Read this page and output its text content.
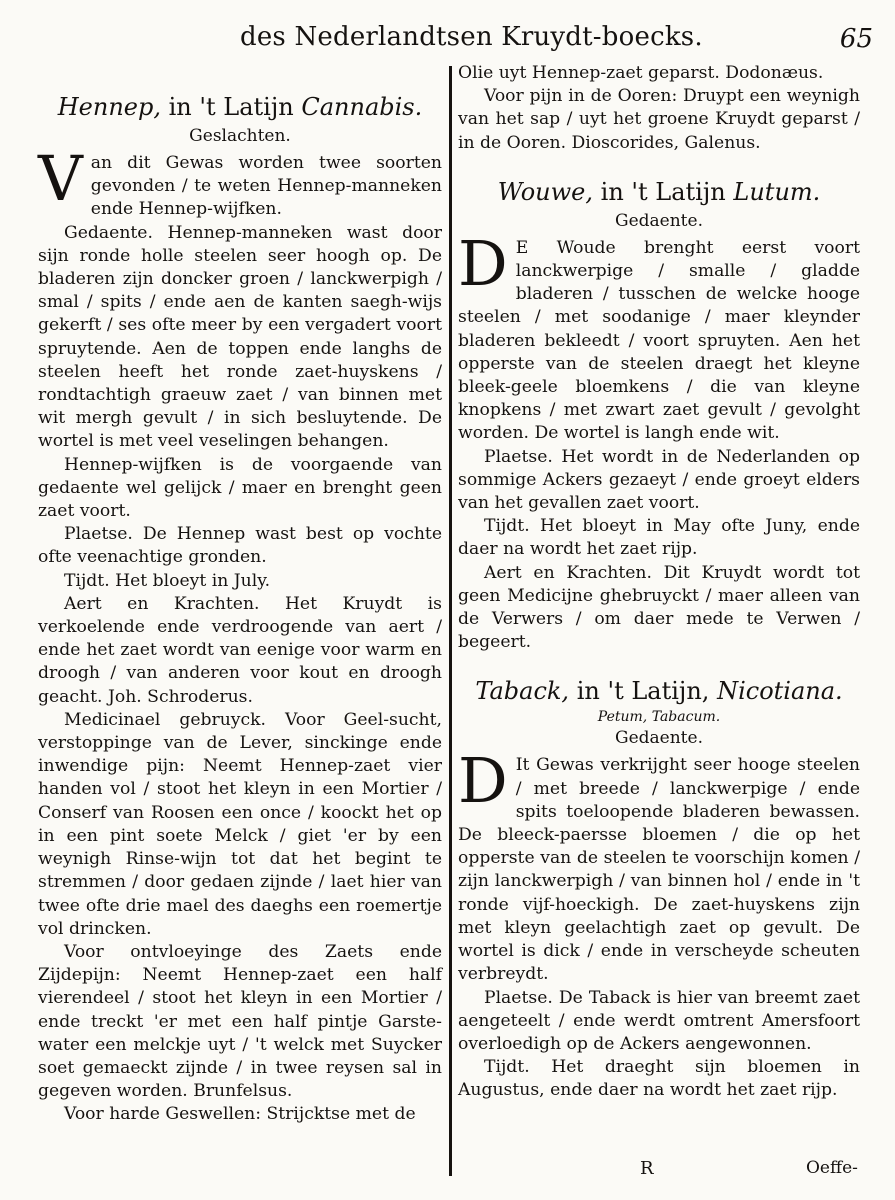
des Nederlandtsen Kruydt-boecks.	65
Hennep, in 't Latijn Cannabis.
Geslachten.

Van dit Gewas worden twee soorten gevonden / te weten Hennep-manneken ende Hennep-wijfken.

Gedaente. Hennep-manneken wast door sijn ronde holle steelen seer hoogh op. De bladeren zijn doncker groen / lanckwerpigh / smal / spits / ende aen de kanten saegh-wijs gekerft / ses ofte meer by een vergadert voort spruytende. Aen de toppen ende langhs de steelen heeft het ronde zaet-huyskens / rondtachtigh graeuw zaet / van binnen met wit mergh gevult / in sich besluytende. De wortel is met veel veselingen behangen.

Hennep-wijfken is de voorgaende van gedaente wel gelijck / maer en brenght geen zaet voort.

Plaetse. De Hennep wast best op vochte ofte veenachtige gronden.

Tijdt. Het bloeyt in July.

Aert en Krachten. Het Kruydt is verkoelende ende verdroogende van aert / ende het zaet wordt van eenige voor warm en droogh / van anderen voor kout en droogh geacht. Joh. Schroderus.

Medicinael gebruyck. Voor Geel-sucht, verstoppinge van de Lever, sinckinge ende inwendige pijn: Neemt Hennep-zaet vier handen vol / stoot het kleyn in een Mortier / Conserf van Roosen een once / koockt het op in een pint soete Melck / giet 'er by een weynigh Rinse-wijn tot dat het begint te stremmen / door gedaen zijnde / laet hier van twee ofte drie mael des daeghs een roemertje vol drincken.

Voor ontvloeyinge des Zaets ende Zijdepijn: Neemt Hennep-zaet een half vierendeel / stoot het kleyn in een Mortier / ende treckt 'er met een half pintje Garste-water een melckje uyt / 't welck met Suycker soet gemaeckt zijnde / in twee reysen sal in gegeven worden. Brunfelsus.

Voor harde Geswellen: Strijcktse met de

Olie uyt Hennep-zaet geparst. Dodonæus.

Voor pijn in de Ooren: Druypt een weynigh van het sap / uyt het groene Kruydt geparst / in de Ooren. Dioscorides, Galenus.

Wouwe, in 't Latijn Lutum.
Gedaente.

D E Woude brenght eerst voort lanckwerpige / smalle / gladde bladeren / tusschen de welcke hooge steelen / met soodanige / maer kleynder bladeren bekleedt / voort spruyten. Aen het opperste van de steelen draegt het kleyne bleek-geele bloemkens / die van kleyne knopkens / met zwart zaet gevult / gevolght worden. De wortel is langh ende wit.

Plaetse. Het wordt in de Nederlanden op sommige Ackers gezaeyt / ende groeyt elders van het gevallen zaet voort.

Tijdt. Het bloeyt in May ofte Juny, ende daer na wordt het zaet rijp.

Aert en Krachten. Dit Kruydt wordt tot geen Medicijne ghebruyckt / maer alleen van de Verwers / om daer mede te Verwen / begeert.

Taback, in 't Latijn, Nicotiana.
Petum, Tabacum.
Gedaente.

D It Gewas verkrijght seer hooge steelen / met breede / lanckwerpige / ende spits toeloopende bladeren bewassen. De bleeck-paersse bloemen / die op het opperste van de steelen te voorschijn komen / zijn lanckwerpigh / van binnen hol / ende in 't ronde vijf-hoeckigh. De zaet-huyskens zijn met kleyn geelachtigh zaet op gevult. De wortel is dick / ende in verscheyde scheuten verbreydt.

Plaetse. De Taback is hier van breemt zaet aengeteelt / ende werdt omtrent Amersfoort overloedigh op de Ackers aengewonnen.

Tijdt. Het draeght sijn bloemen in Augustus, ende daer na wordt het zaet rijp.

R	Oeffe-
